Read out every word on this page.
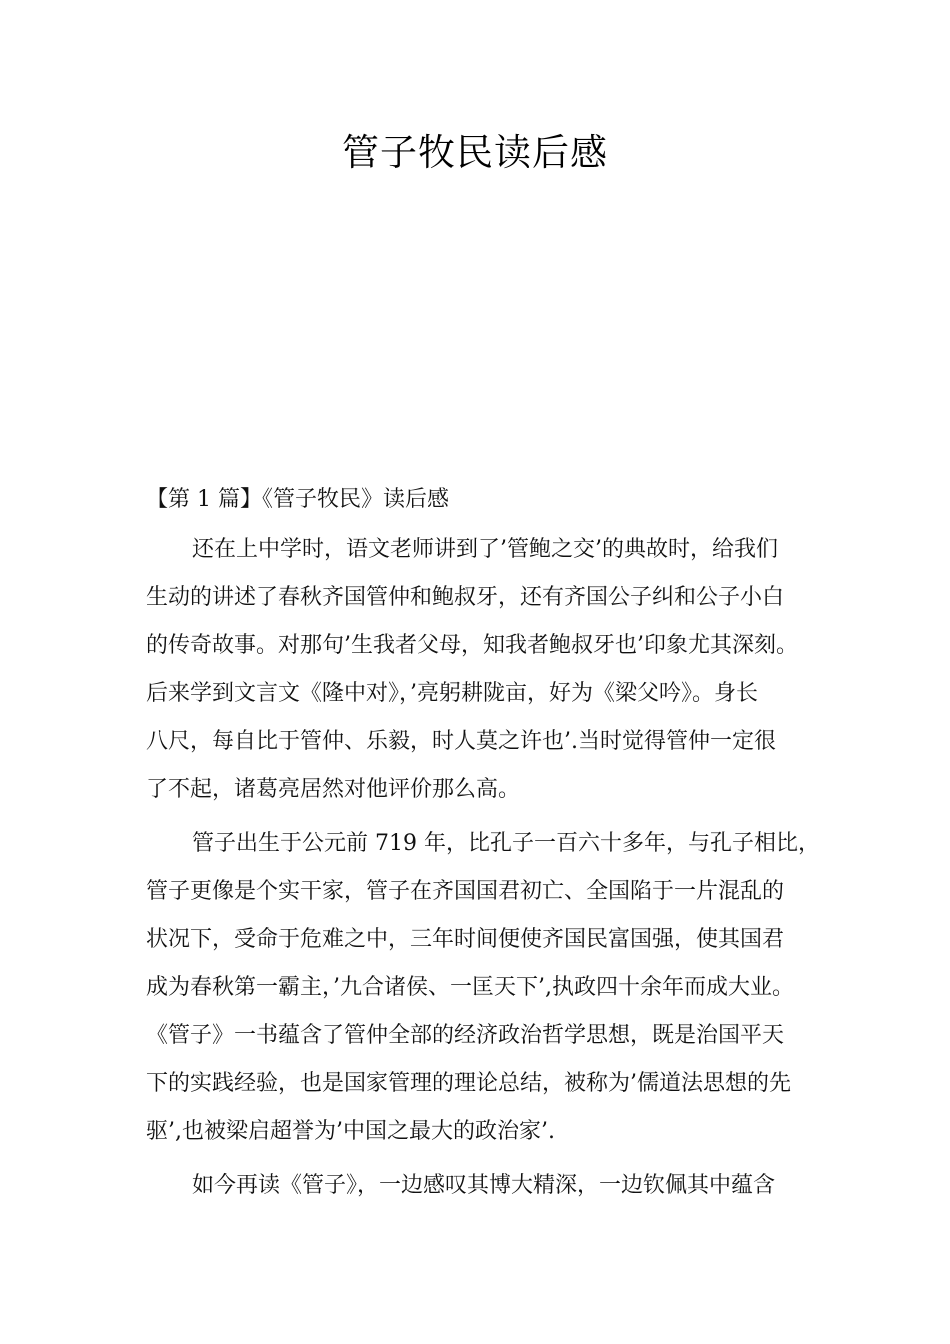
管子牧民读后感
【第 1 篇】《管子牧民》读后感

还在上中学时，语文老师讲到了’管鲍之交’的典故时，给我们
生动的讲述了春秋齐国管仲和鲍叔牙，还有齐国公子纠和公子小白
的传奇故事。对那句’生我者父母，知我者鲍叔牙也’印象尤其深刻。
后来学到文言文《隆中对》，’亮躬耕陇亩，好为《梁父吟》。身长
八尺，每自比于管仲、乐毅，时人莫之许也’.当时觉得管仲一定很
了不起，诸葛亮居然对他评价那么高。

管子出生于公元前 719 年，比孔子一百六十多年，与孔子相比，
管子更像是个实干家，管子在齐国国君初亡、全国陷于一片混乱的
状况下，受命于危难之中，三年时间便使齐国民富国强，使其国君
成为春秋第一霸主，’九合诸侯、一匡天下’,执政四十余年而成大业。
《管子》一书蕴含了管仲全部的经济政治哲学思想，既是治国平天
下的实践经验，也是国家管理的理论总结，被称为’儒道法思想的先
驱’,也被梁启超誉为’中国之最大的政治家’.

如今再读《管子》，一边感叹其博大精深，一边钦佩其中蕴含
